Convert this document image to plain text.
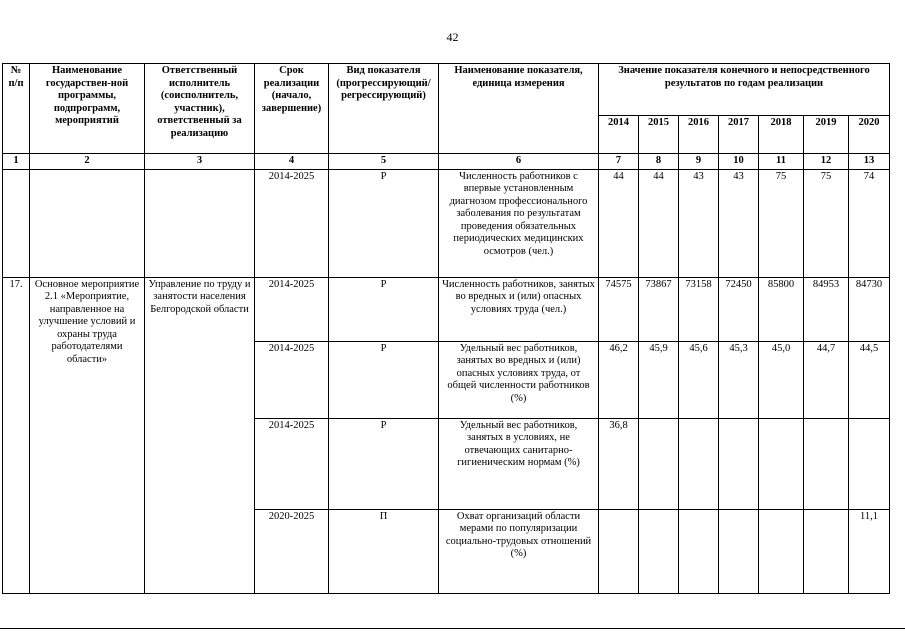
42
№ п/п	Наименование государствен-ной программы, подпрограмм, мероприятий	Ответственный исполнитель (соисполнитель, участник), ответственный за реализацию	Срок реализации (начало, завершение)	Вид показателя (прогрессирующий/ регрессирующий)	Наименование показателя, единица измерения	Значение показателя конечного и непосредственного результатов по годам реализации						
						2014	2015	2016	2017	2018	2019	2020
1	2	3	4	5	6	7	8	9	10	11	12	13
			2014-2025	Р	Численность работников с впервые установленным диагнозом профессионального заболевания по результатам проведения обязательных периодических медицинских осмотров (чел.)	44	44	43	43	75	75	74
17.	Основное мероприятие 2.1 «Мероприятие, направленное на улучшение условий и охраны труда работодателями области»	Управление по труду и занятости населения Белгородской области	2014-2025	Р	Численность работников, занятых во вредных и (или) опасных условиях труда (чел.)	74575	73867	73158	72450	85800	84953	84730
			2014-2025	Р	Удельный вес работников, занятых во вредных и (или) опасных условиях труда, от общей численности работников (%)	46,2	45,9	45,6	45,3	45,0	44,7	44,5
			2014-2025	Р	Удельный вес работников, занятых в условиях, не отвечающих санитарно-гигиеническим нормам (%)	36,8						
			2020-2025	П	Охват организаций области мерами по популяризации социально-трудовых отношений (%)							11,1
